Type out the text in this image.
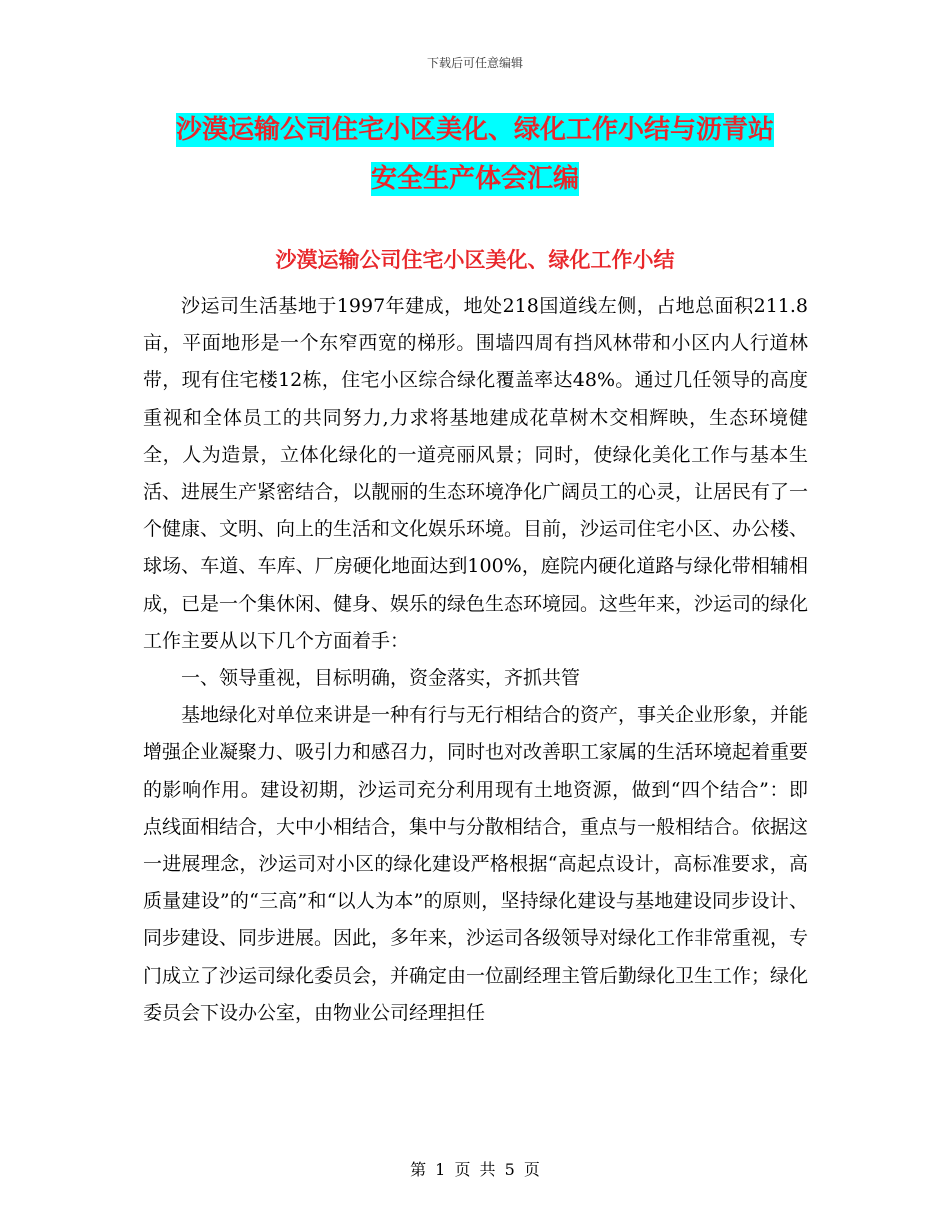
下载后可任意编辑
沙漠运输公司住宅小区美化、绿化工作小结与沥青站
安全生产体会汇编
沙漠运输公司住宅小区美化、绿化工作小结

沙运司生活基地于1997年建成，地处218国道线左侧，占地总面积211.8 亩，平面地形是一个东窄西宽的梯形。围墙四周有挡风林带和小区内人行道林带，现有住宅楼12栋，住宅小区综合绿化覆盖率达48%。通过几任领导的高度重视和全体员工的共同努力,力求将基地建成花草树木交相辉映，生态环境健全，人为造景，立体化绿化的一道亮丽风景；同时，使绿化美化工作与基本生活、进展生产紧密结合，以靓丽的生态环境净化广阔员工的心灵，让居民有了一个健康、文明、向上的生活和文化娱乐环境。目前，沙运司住宅小区、办公楼、球场、车道、车库、厂房硬化地面达到100%，庭院内硬化道路与绿化带相辅相成，已是一个集休闲、健身、娱乐的绿色生态环境园。这些年来，沙运司的绿化工作主要从以下几个方面着手：

一、领导重视，目标明确，资金落实，齐抓共管

基地绿化对单位来讲是一种有行与无行相结合的资产，事关企业形象，并能增强企业凝聚力、吸引力和感召力，同时也对改善职工家属的生活环境起着重要的影响作用。建设初期，沙运司充分利用现有土地资源，做到“四个结合”：即点线面相结合，大中小相结合，集中与分散相结合，重点与一般相结合。依据这一进展理念，沙运司对小区的绿化建设严格根据“高起点设计，高标准要求，高质量建设”的“三高”和“以人为本”的原则，坚持绿化建设与基地建设同步设计、同步建设、同步进展。因此，多年来，沙运司各级领导对绿化工作非常重视，专门成立了沙运司绿化委员会，并确定由一位副经理主管后勤绿化卫生工作；绿化委员会下设办公室，由物业公司经理担任

第 1 页 共 5 页
